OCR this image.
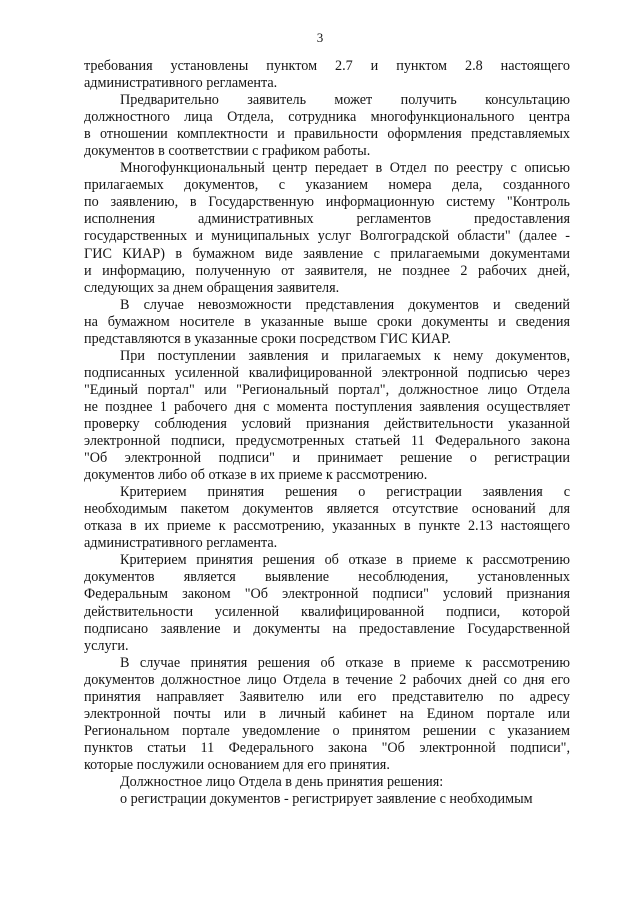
3
требования установлены пунктом 2.7 и пунктом 2.8 настоящего
административного регламента.
Предварительно заявитель может получить консультацию
должностного лица Отдела, сотрудника многофункционального центра
в отношении комплектности и правильности оформления представляемых
документов в соответствии с графиком работы.
Многофункциональный центр передает в Отдел по реестру с описью
прилагаемых документов, с указанием номера дела, созданного
по заявлению, в Государственную информационную систему "Контроль
исполнения административных регламентов предоставления
государственных и муниципальных услуг Волгоградской области" (далее -
ГИС КИАР) в бумажном виде заявление с прилагаемыми документами
и информацию, полученную от заявителя, не позднее 2 рабочих дней,
следующих за днем обращения заявителя.
В случае невозможности представления документов и сведений
на бумажном носителе в указанные выше сроки документы и сведения
представляются в указанные сроки посредством ГИС КИАР.
При поступлении заявления и прилагаемых к нему документов,
подписанных усиленной квалифицированной электронной подписью через
"Единый портал" или "Региональный портал", должностное лицо Отдела
не позднее 1 рабочего дня с момента поступления заявления осуществляет
проверку соблюдения условий признания действительности указанной
электронной подписи, предусмотренных статьей 11 Федерального закона
"Об электронной подписи" и принимает решение о регистрации
документов либо об отказе в их приеме к рассмотрению.
Критерием принятия решения о регистрации заявления с
необходимым пакетом документов является отсутствие оснований для
отказа в их приеме к рассмотрению, указанных в пункте 2.13 настоящего
административного регламента.
Критерием принятия решения об отказе в приеме к рассмотрению
документов является выявление несоблюдения, установленных
Федеральным законом "Об электронной подписи" условий признания
действительности усиленной квалифицированной подписи, которой
подписано заявление и документы на предоставление Государственной
услуги.
В случае принятия решения об отказе в приеме к рассмотрению
документов должностное лицо Отдела в течение 2 рабочих дней со дня его
принятия направляет Заявителю или его представителю по адресу
электронной почты или в личный кабинет на Едином портале или
Региональном портале уведомление о принятом решении с указанием
пунктов статьи 11 Федерального закона "Об электронной подписи",
которые послужили основанием для его принятия.
Должностное лицо Отдела в день принятия решения:
о регистрации документов - регистрирует заявление с необходимым
